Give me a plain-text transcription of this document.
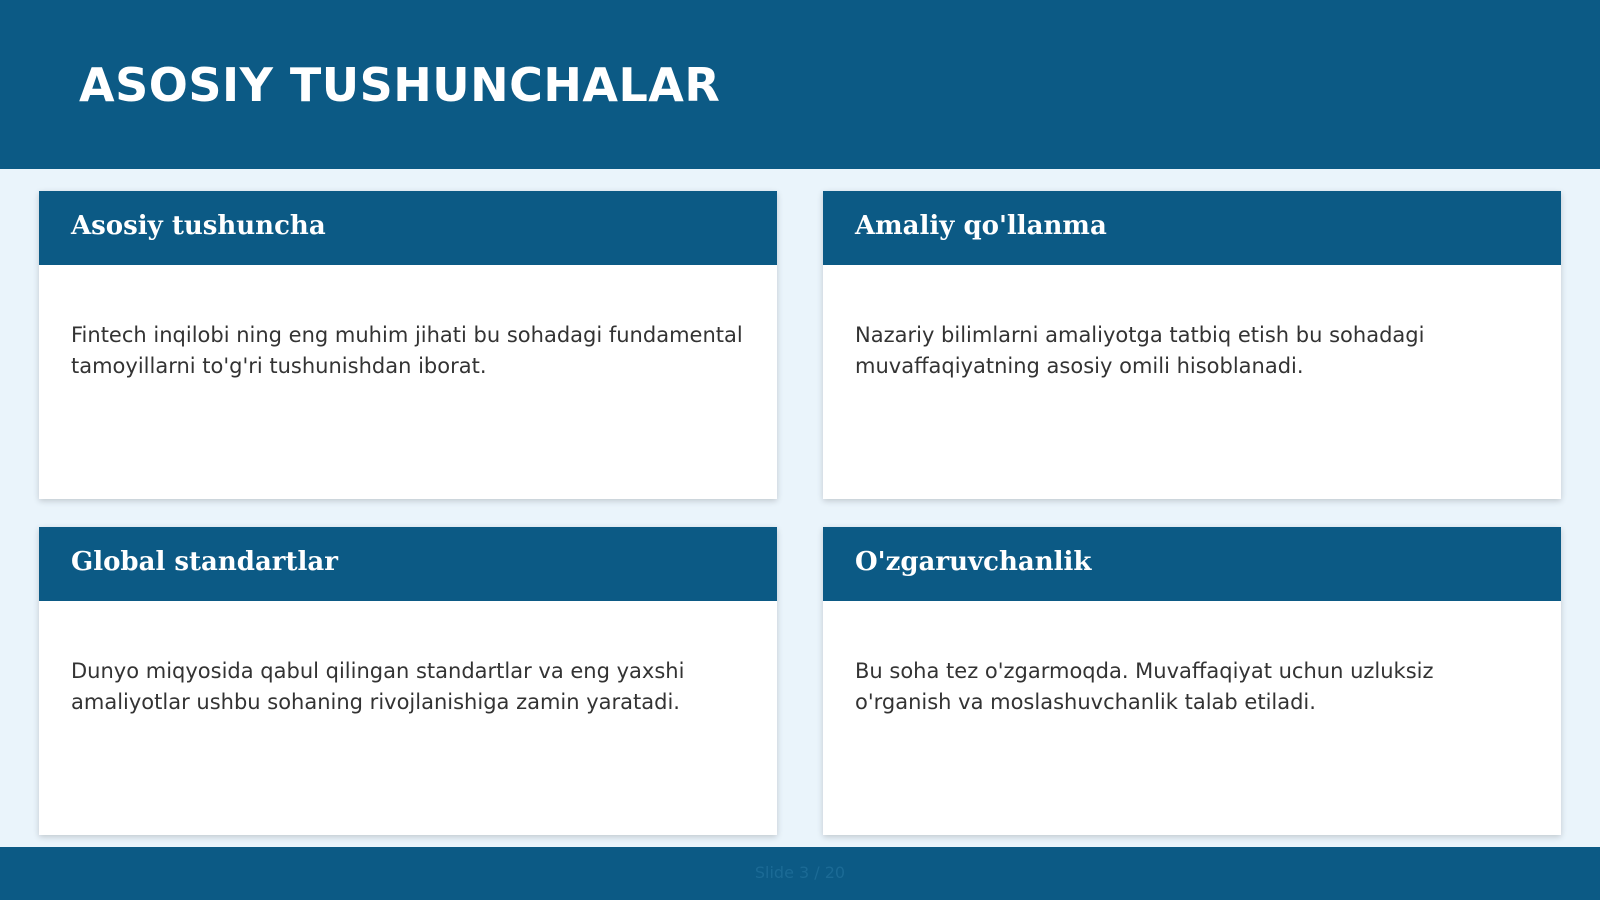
ASOSIY TUSHUNCHALAR
Asosiy tushuncha
Fintech inqilobi ning eng muhim jihati bu sohadagi fundamental tamoyillarni to'g'ri tushunishdan iborat.
Amaliy qo'llanma
Nazariy bilimlarni amaliyotga tatbiq etish bu sohadagi muvaffaqiyatning asosiy omili hisoblanadi.
Global standartlar
Dunyo miqyosida qabul qilingan standartlar va eng yaxshi amaliyotlar ushbu sohaning rivojlanishiga zamin yaratadi.
O'zgaruvchanlik
Bu soha tez o'zgarmoqda. Muvaffaqiyat uchun uzluksiz o'rganish va moslashuvchanlik talab etiladi.
Slide 3 / 20
